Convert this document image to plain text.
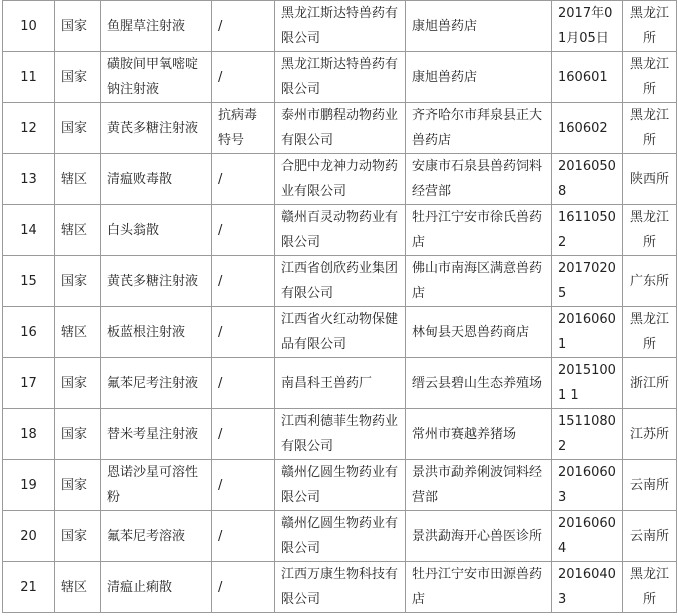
10	国家	鱼腥草注射液	/	黑龙江斯达特兽药有限公司	康旭兽药店	2017年01月05日	黑龙江所
11	国家	磺胺间甲氧嘧啶钠注射液	/	黑龙江斯达特兽药有限公司	康旭兽药店	160601	黑龙江所
12	国家	黄芪多糖注射液	抗病毒特号	泰州市鹏程动物药业有限公司	齐齐哈尔市拜泉县正大兽药店	160602	黑龙江所
13	辖区	清瘟败毒散	/	合肥中龙神力动物药业有限公司	安康市石泉县兽药饲料经营部	20160508	陕西所
14	辖区	白头翁散	/	赣州百灵动物药业有限公司	牡丹江宁安市徐氏兽药店	16110502	黑龙江所
15	国家	黄芪多糖注射液	/	江西省创欣药业集团有限公司	佛山市南海区满意兽药店	20170205	广东所
16	辖区	板蓝根注射液	/	江西省火红动物保健品有限公司	林甸县天恩兽药商店	20160601	黑龙江所
17	国家	氟苯尼考注射液	/	南昌科王兽药厂	缙云县碧山生态养殖场	20151001 1	浙江所
18	国家	替米考星注射液	/	江西利德菲生物药业有限公司	常州市赛越养猪场	15110802	江苏所
19	国家	恩诺沙星可溶性粉	/	赣州亿圆生物药业有限公司	景洪市勐养俐波饲料经营部	20160603	云南所
20	国家	氟苯尼考溶液	/	赣州亿圆生物药业有限公司	景洪勐海开心兽医诊所	20160604	云南所
21	辖区	清瘟止痢散	/	江西万康生物科技有限公司	牡丹江宁安市田源兽药店	20160403	黑龙江所
